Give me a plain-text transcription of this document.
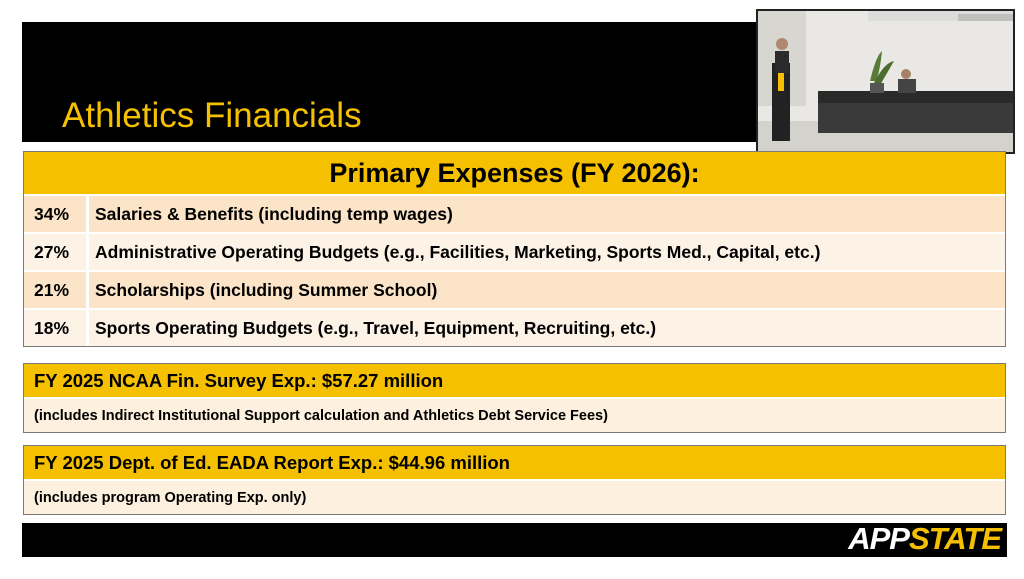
Athletics Financials
Primary Expenses (FY 2026):
34%	Salaries & Benefits (including temp wages)
27%	Administrative Operating Budgets (e.g., Facilities, Marketing, Sports Med., Capital, etc.)
21%	Scholarships (including Summer School)
18%	Sports Operating Budgets (e.g., Travel, Equipment, Recruiting, etc.)
FY 2025 NCAA Fin. Survey Exp.: $57.27 million
(includes Indirect Institutional Support calculation and Athletics Debt Service Fees)
FY 2025 Dept. of Ed. EADA Report Exp.: $44.96 million
(includes program Operating Exp. only)
APPSTATE
